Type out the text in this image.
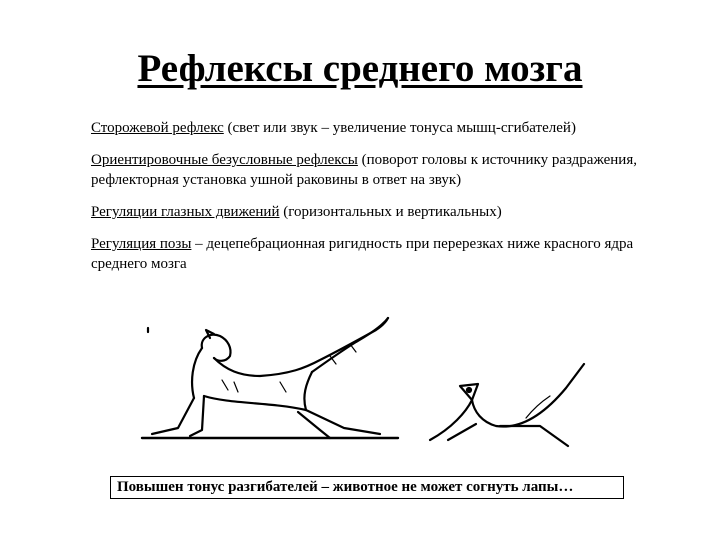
Рефлексы среднего мозга

Сторожевой рефлекс (свет или звук – увеличение тонуса мышц-сгибателей)

Ориентировочные безусловные рефлексы (поворот головы к источнику раздражения, рефлекторная установка ушной раковины в ответ на звук)

Регуляции глазных движений (горизонтальных и вертикальных)

Регуляция позы – децепебрационная ригидность при перерезках ниже красного ядра среднего мозга

Повышен тонус разгибателей – животное не может согнуть лапы…
